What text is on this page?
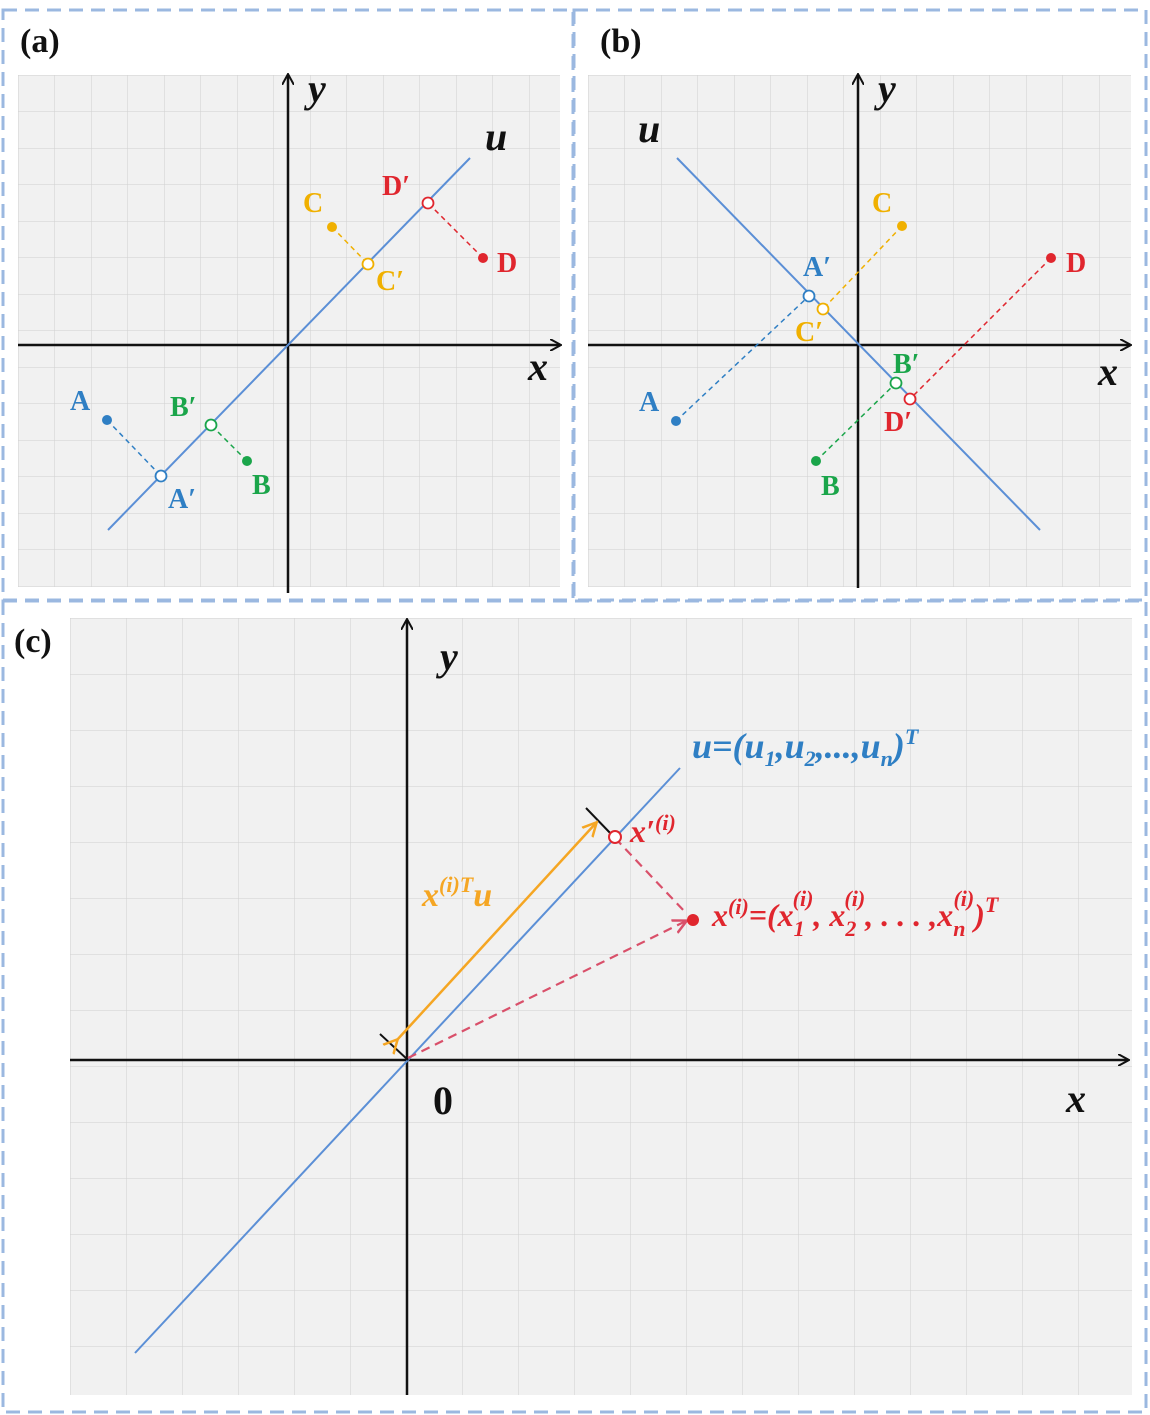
(a)
x
y
u
A
A′ B
B′
C
C′
D
D′
(b)
x
y
u
A
A′
B
B′
C
C′
D
D′
(c)
x
y
0
$u=(u_1,u_2,...,u_n)^T$
$x'^{(i)}$
$x^{(i)T}u$
$x^{(i)}=(x_1(i)$, $x_2(i)$, . . . $,x_n(i))^T$
